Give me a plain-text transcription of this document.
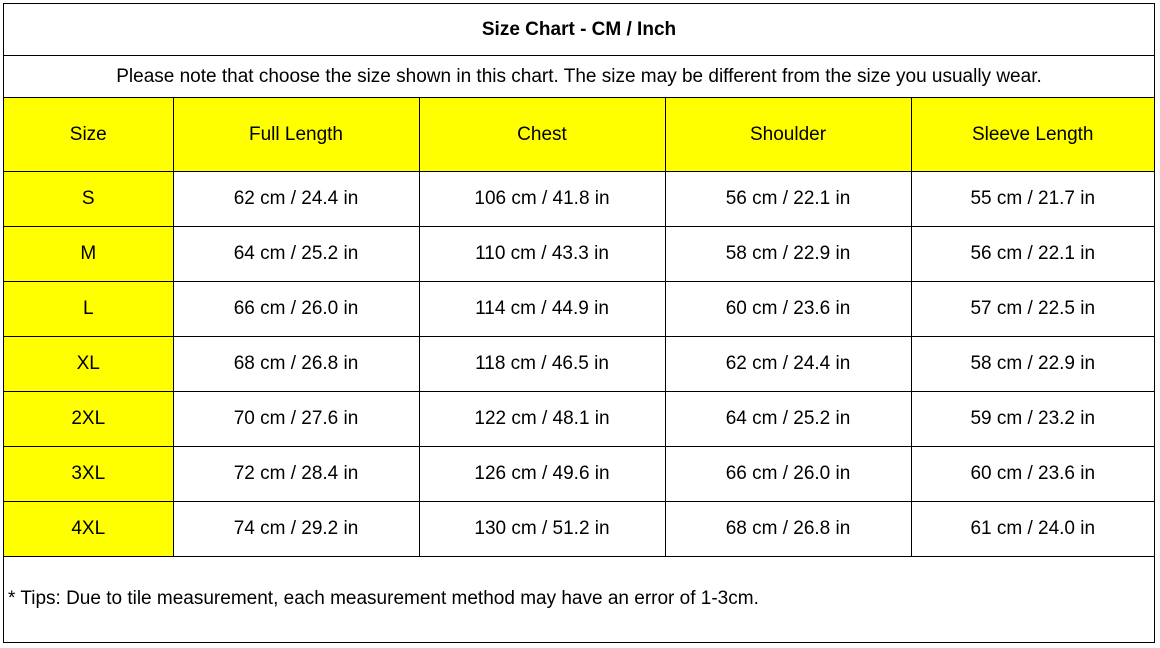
Size Chart - CM / Inch
Please note that choose the size shown in this chart. The size may be different from the size you usually wear.
Size	Full Length	Chest	Shoulder	Sleeve Length
S	62 cm / 24.4 in	106 cm / 41.8 in	56 cm / 22.1 in	55 cm / 21.7 in
M	64 cm / 25.2 in	110 cm / 43.3 in	58 cm / 22.9 in	56 cm / 22.1 in
L	66 cm / 26.0 in	114 cm / 44.9 in	60 cm / 23.6 in	57 cm / 22.5 in
XL	68 cm / 26.8 in	118 cm / 46.5 in	62 cm / 24.4 in	58 cm / 22.9 in
2XL	70 cm / 27.6 in	122 cm / 48.1 in	64 cm / 25.2 in	59 cm / 23.2 in
3XL	72 cm / 28.4 in	126 cm / 49.6 in	66 cm / 26.0 in	60 cm / 23.6 in
4XL	74 cm / 29.2 in	130 cm / 51.2 in	68 cm / 26.8 in	61 cm / 24.0 in
* Tips: Due to tile measurement, each measurement method may have an error of 1-3cm.
